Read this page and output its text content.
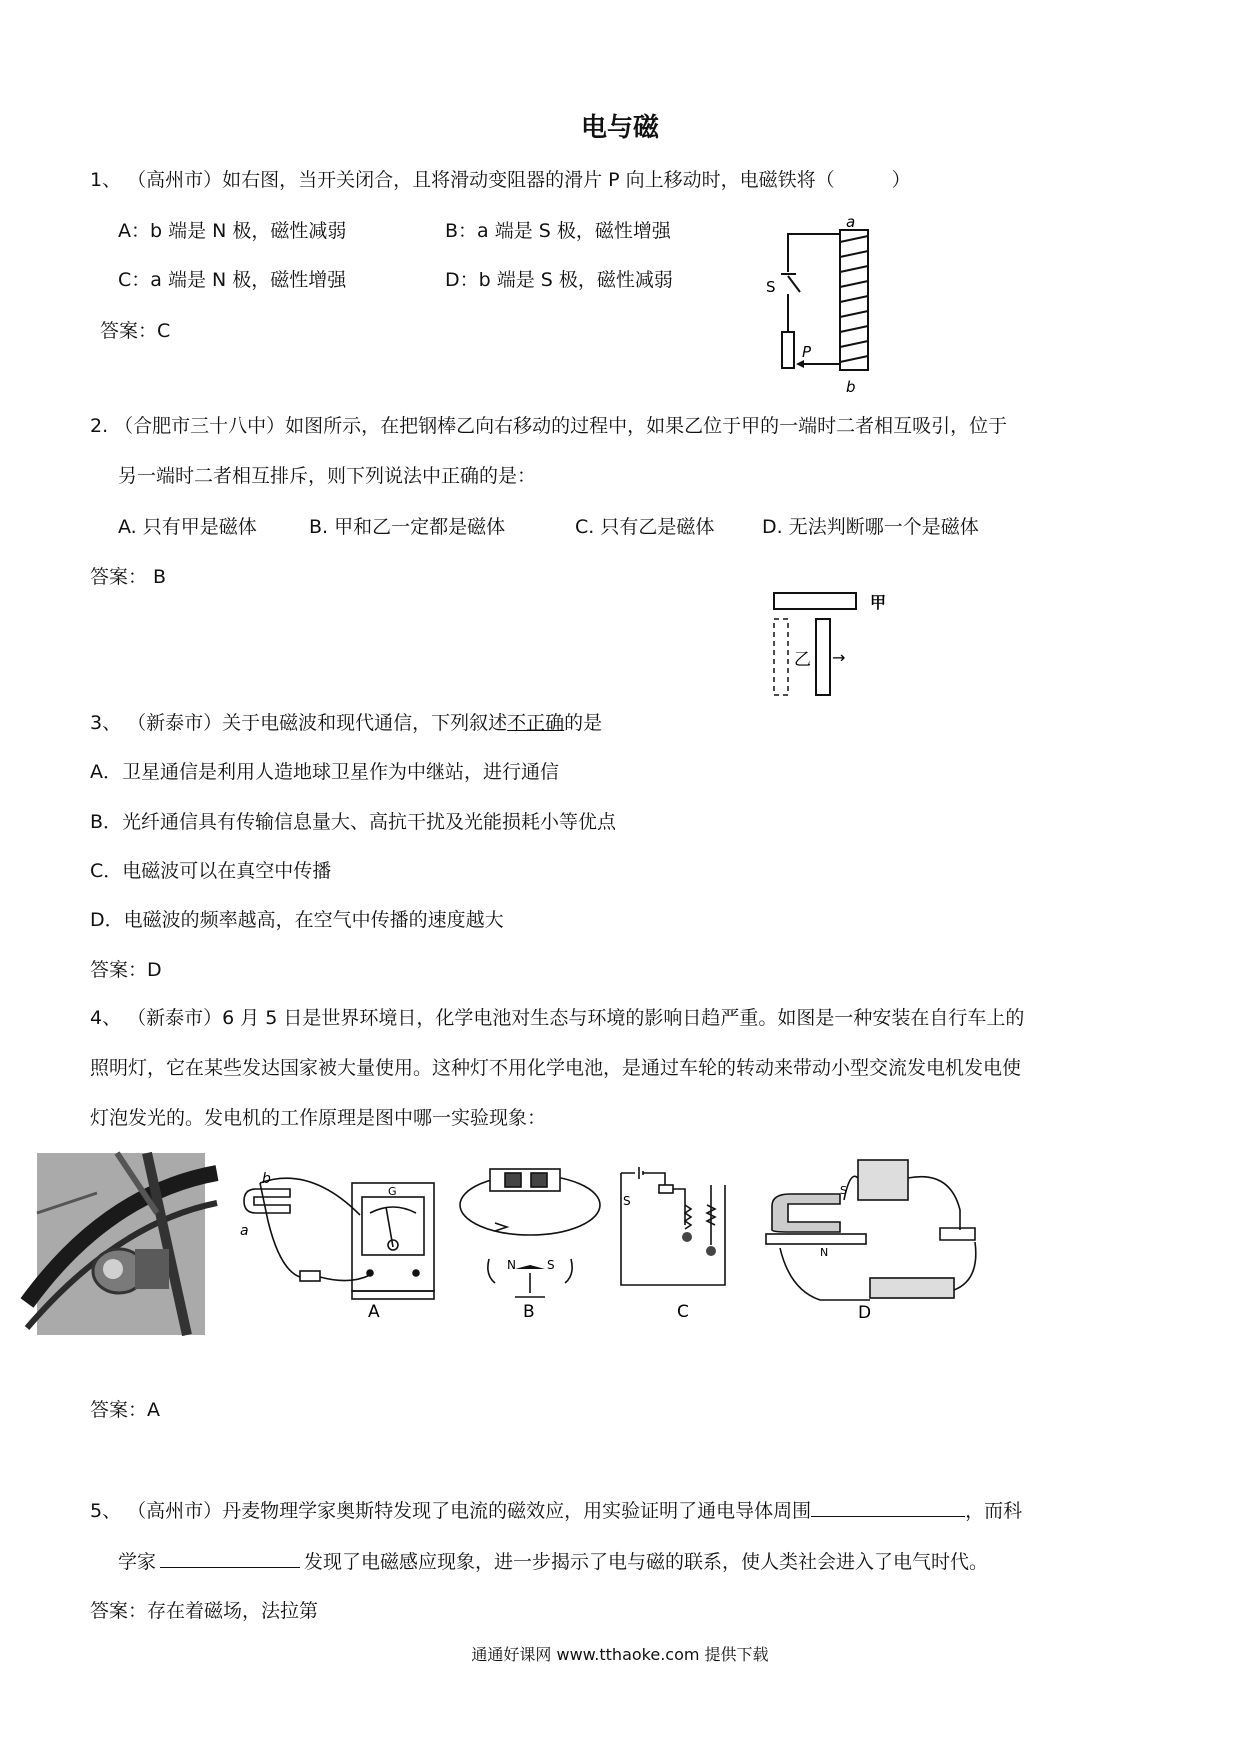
电与磁
1、 （高州市）如右图，当开关闭合，且将滑动变阻器的滑片 P 向上移动时，电磁铁将（　　　）
A：b 端是 N 极，磁性减弱	B：a 端是 S 极，磁性增强
C：a 端是 N 极，磁性增强	D：b 端是 S 极，磁性减弱
答案：C
a
b
S
P
2. （合肥市三十八中）如图所示，在把钢棒乙向右移动的过程中，如果乙位于甲的一端时二者相互吸引，位于
另一端时二者相互排斥，则下列说法中正确的是：
A. 只有甲是磁体	B. 甲和乙一定都是磁体	C. 只有乙是磁体	D. 无法判断哪一个是磁体
答案： B
甲
乙 →
3、 （新泰市）关于电磁波和现代通信，下列叙述不正确的是
A．卫星通信是利用人造地球卫星作为中继站，进行通信
B．光纤通信具有传输信息量大、高抗干扰及光能损耗小等优点
C．电磁波可以在真空中传播
D．电磁波的频率越高，在空气中传播的速度越大
答案：D
4、 （新泰市）6 月 5 日是世界环境日，化学电池对生态与环境的影响日趋严重。如图是一种安装在自行车上的
照明灯，它在某些发达国家被大量使用。这种灯不用化学电池，是通过车轮的转动来带动小型交流发电机发电使
灯泡发光的。发电机的工作原理是图中哪一实验现象：
a
b
G
A
N	S
B
S
C
S
N
D
答案：A
5、 （高州市）丹麦物理学家奥斯特发现了电流的磁效应，用实验证明了通电导体周围	，而科
学家	发现了电磁感应现象，进一步揭示了电与磁的联系，使人类社会进入了电气时代。
答案：存在着磁场，法拉第
通通好课网 www.tthaoke.com 提供下载
